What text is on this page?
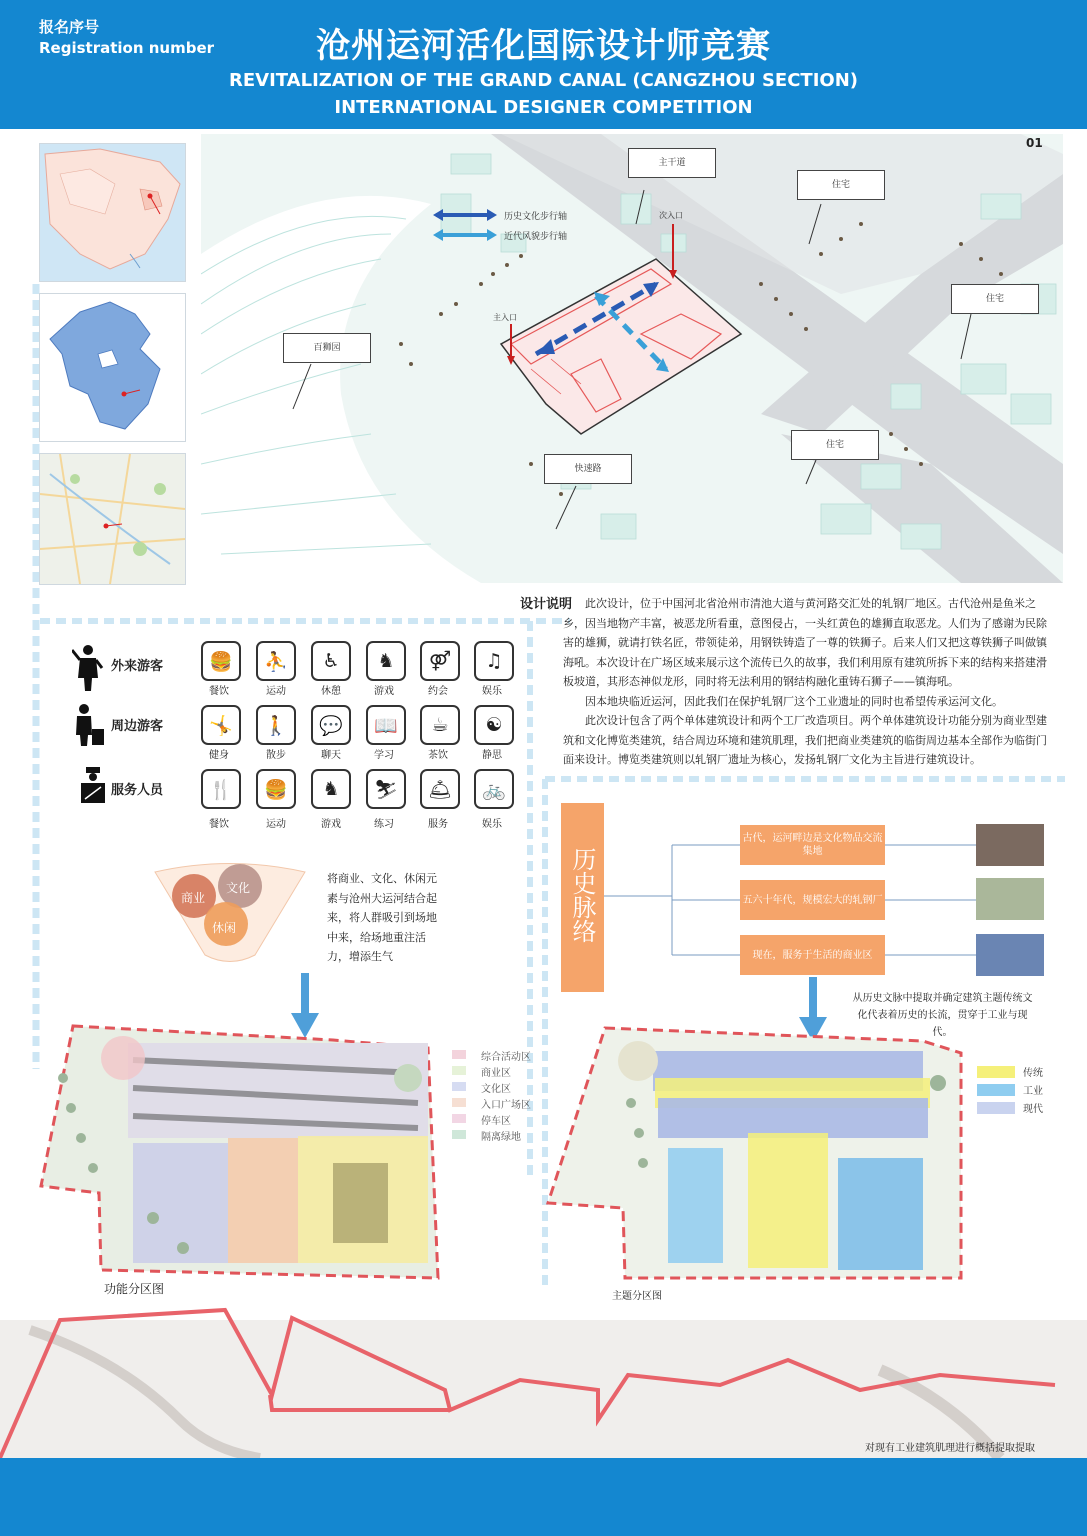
报名序号
Registration number	沧州运河活化国际设计师竞赛
REVITALIZATION OF THE GRAND CANAL (CANGZHOU SECTION)
INTERNATIONAL DESIGNER COMPETITION
01
历史文化步行轴
近代风貌步行轴
主干道
住宅
住宅
住宅
百狮园
快速路
次入口
主入口
设计说明	此次设计，位于中国河北省沧州市清池大道与黄河路交汇处的轧钢厂地区。古代沧州是鱼米之乡，因当地物产丰富，被恶龙所看重，意图侵占，一头红黄色的雄狮直取恶龙。人们为了感谢为民除害的雄狮，就请打铁名匠，带领徒弟，用钢铁铸造了一尊的铁狮子。后来人们又把这尊铁狮子叫做镇海吼。本次设计在广场区域来展示这个流传已久的故事，我们利用原有建筑所拆下来的结构来搭建滑板坡道，其形态神似龙形，同时将无法利用的钢结构融化重铸石狮子——镇海吼。

因本地块临近运河，因此我们在保护轧钢厂这个工业遗址的同时也希望传承运河文化。

此次设计包含了两个单体建筑设计和两个工厂改造项目。两个单体建筑设计功能分别为商业型建筑和文化博览类建筑，结合周边环境和建筑肌理，我们把商业类建筑的临街周边基本全部作为临街门面来设计。博览类建筑则以轧钢厂遗址为核心，发扬轧钢厂文化为主旨进行建筑设计。

外来游客
周边游客
服务人员
🍔	⛹	♿	♞	⚤	♫
餐饮	运动	休憩	游戏	约会	娱乐
🤸	🚶	💬	📖	☕	☯
健身	散步	聊天	学习	茶饮	静思
🍴	🍔	♞	⛷	🛎	🚲
餐饮	运动	游戏	练习	服务	娱乐
商业
文化
休闲
将商业、文化、休闲元素与沧州大运河结合起来，将人群吸引到场地中来，给场地重注活力，增添生气
历史脉络
古代，运河畔边是文化物品交流集地
五六十年代，规模宏大的轧钢厂
现在，服务于生活的商业区
从历史文脉中提取并确定建筑主题传统文化代表着历史的长流，贯穿于工业与现代。
功能分区图
综合活动区
商业区
文化区
入口广场区
停车区
隔离绿地
主题分区图
传统
工业
现代
对现有工业建筑肌理进行概括提取提取
